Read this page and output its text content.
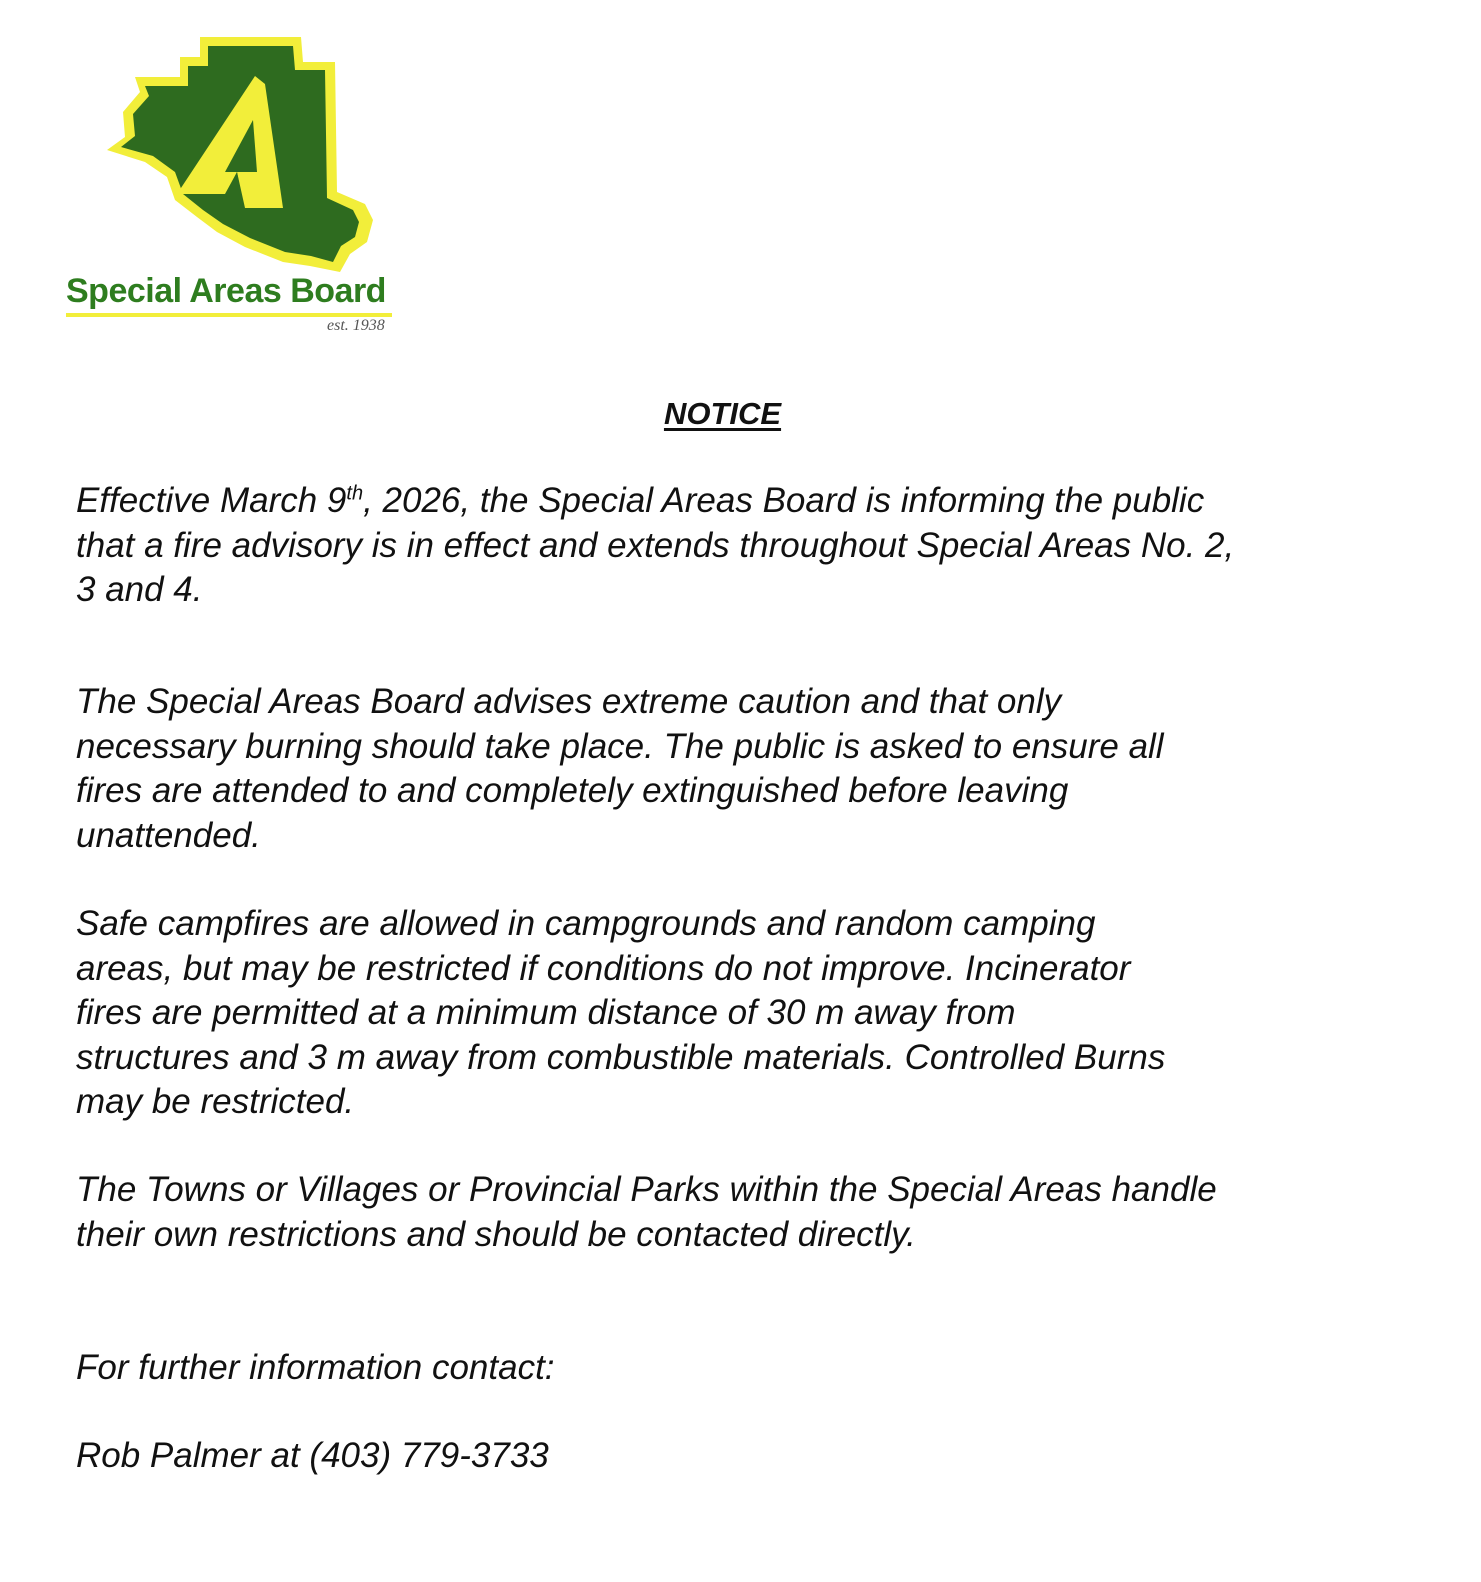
Special Areas Board
est. 1938
NOTICE

Effective March 9th, 2026, the Special Areas Board is informing the public
that a fire advisory is in effect and extends throughout Special Areas No. 2,
3 and 4.

The Special Areas Board advises extreme caution and that only
necessary burning should take place. The public is asked to ensure all
fires are attended to and completely extinguished before leaving
unattended.

Safe campfires are allowed in campgrounds and random camping
areas, but may be restricted if conditions do not improve. Incinerator
fires are permitted at a minimum distance of 30 m away from
structures and 3 m away from combustible materials. Controlled Burns
may be restricted.

The Towns or Villages or Provincial Parks within the Special Areas handle
their own restrictions and should be contacted directly.

For further information contact:

Rob Palmer at (403) 779-3733
